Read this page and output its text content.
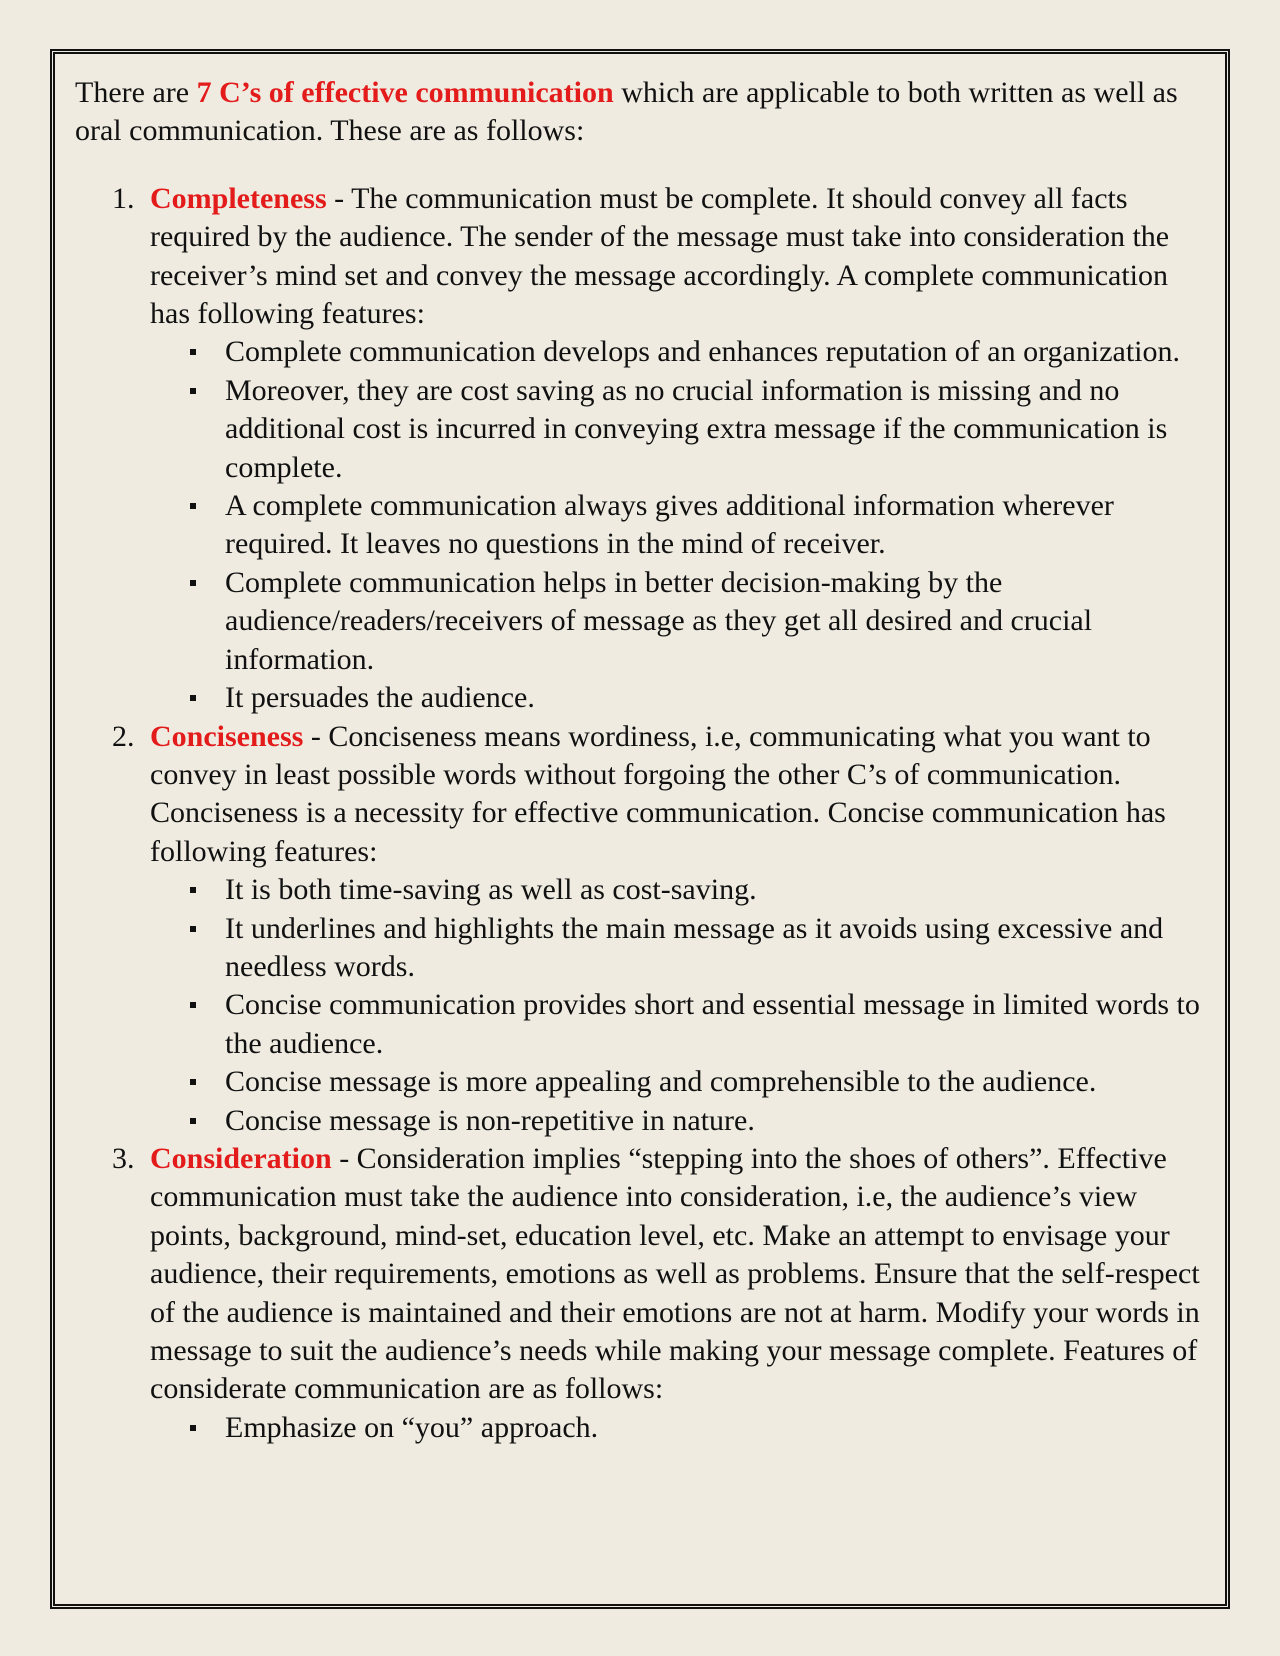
There are 7 C’s of effective communication which are applicable to both written as well as oral communication. These are as follows:

1. Completeness - The communication must be complete. It should convey all facts required by the audience. The sender of the message must take into consideration the receiver’s mind set and convey the message accordingly. A complete communication has following features:
Complete communication develops and enhances reputation of an organization.
Moreover, they are cost saving as no crucial information is missing and no additional cost is incurred in conveying extra message if the communication is complete.
A complete communication always gives additional information wherever required. It leaves no questions in the mind of receiver.
Complete communication helps in better decision-making by the audience/readers/receivers of message as they get all desired and crucial information.
It persuades the audience.
2. Conciseness - Conciseness means wordiness, i.e, communicating what you want to convey in least possible words without forgoing the other C’s of communication. Conciseness is a necessity for effective communication. Concise communication has following features:
It is both time-saving as well as cost-saving.
It underlines and highlights the main message as it avoids using excessive and needless words.
Concise communication provides short and essential message in limited words to the audience.
Concise message is more appealing and comprehensible to the audience.
Concise message is non-repetitive in nature.
3. Consideration - Consideration implies “stepping into the shoes of others”. Effective communication must take the audience into consideration, i.e, the audience’s view points, background, mind-set, education level, etc. Make an attempt to envisage your audience, their requirements, emotions as well as problems. Ensure that the self-respect of the audience is maintained and their emotions are not at harm. Modify your words in message to suit the audience’s needs while making your message complete. Features of considerate communication are as follows:
Emphasize on “you” approach.
